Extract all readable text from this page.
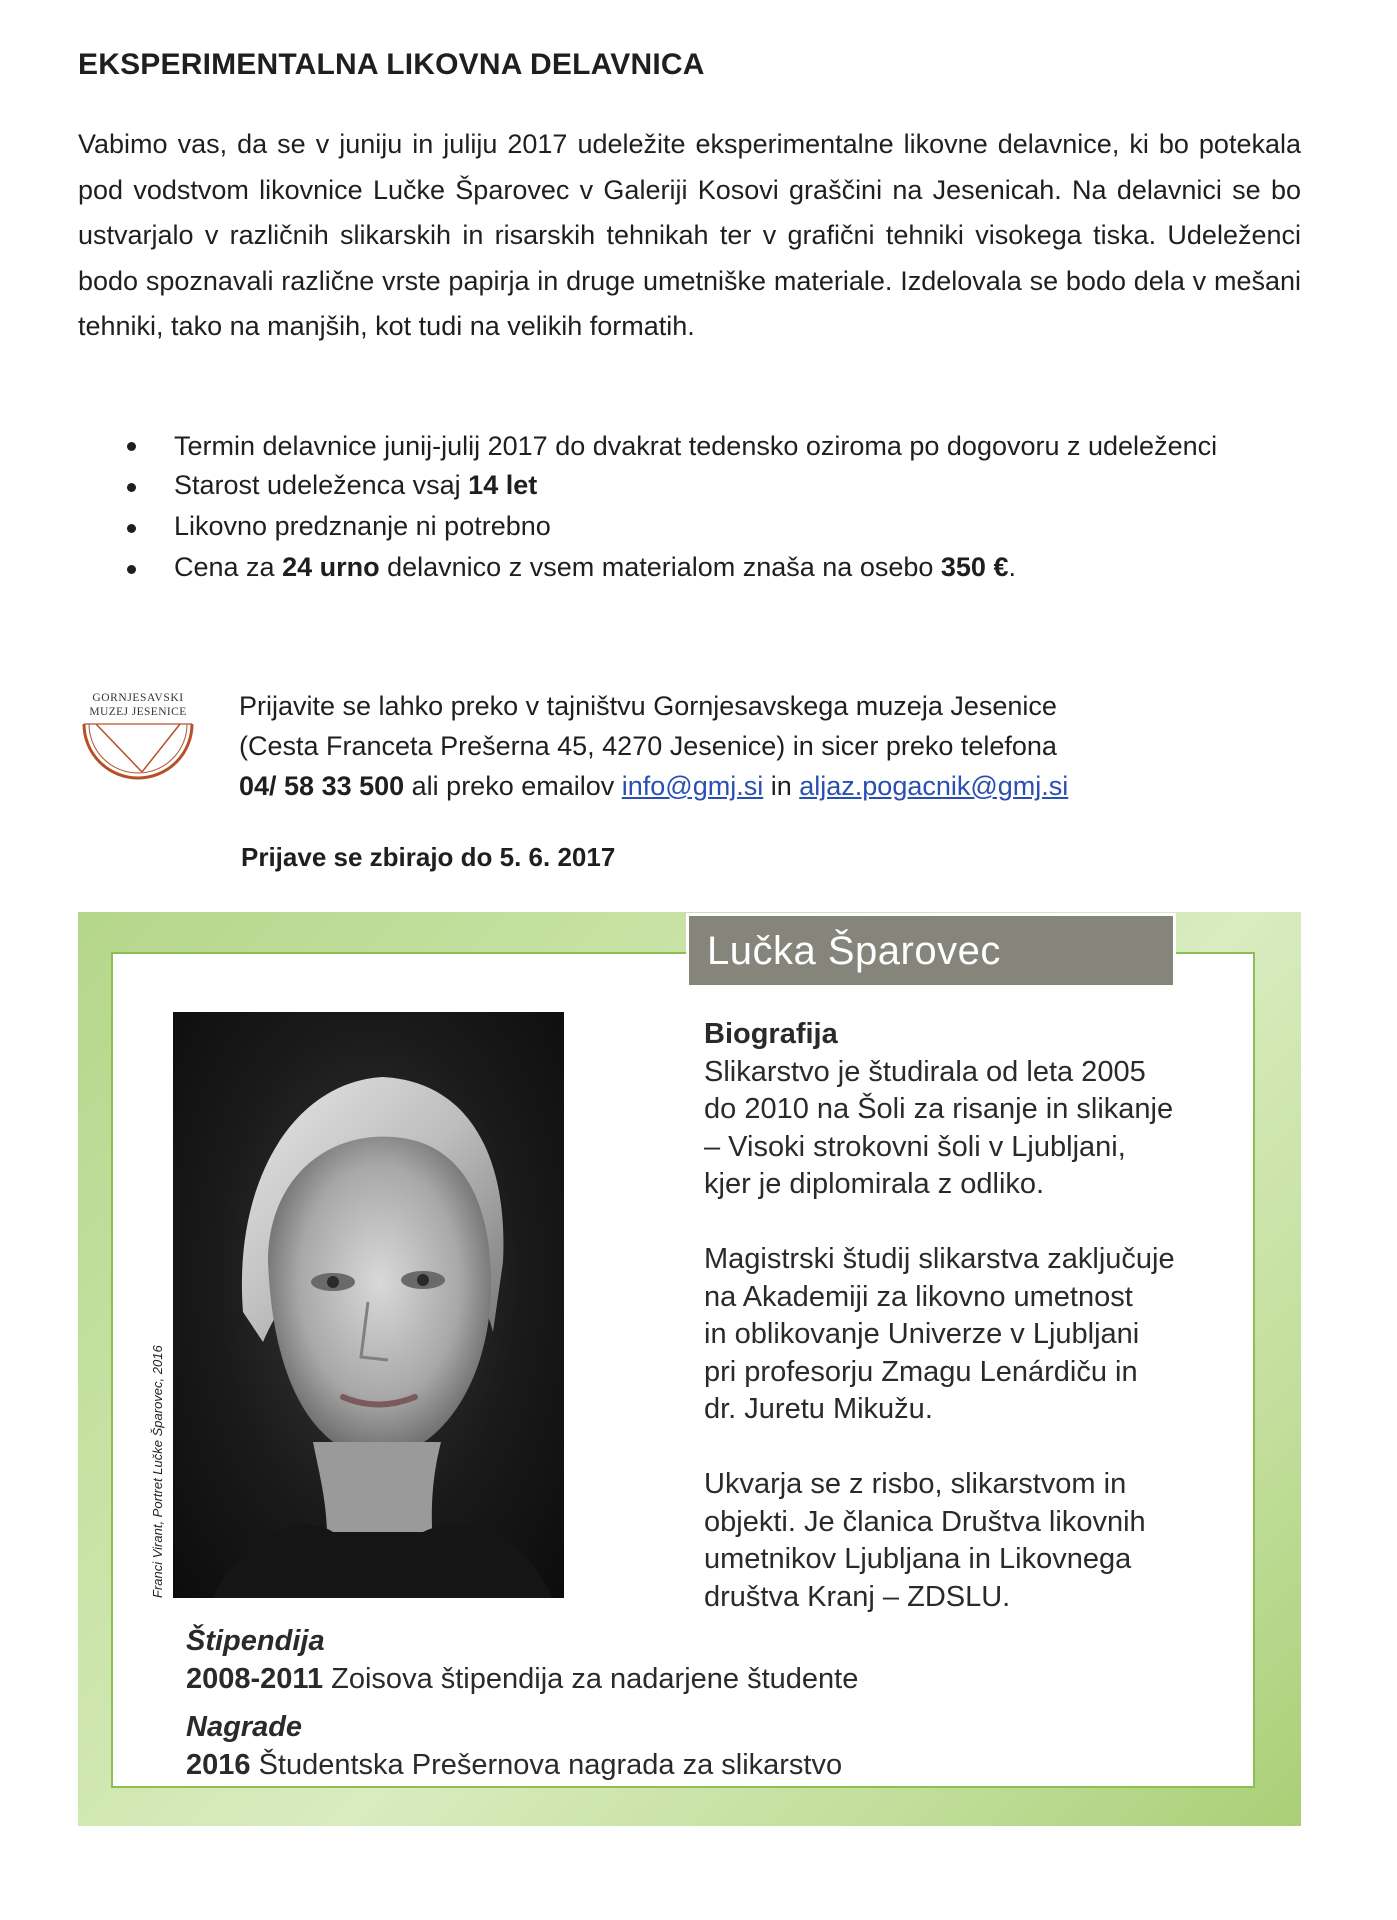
EKSPERIMENTALNA LIKOVNA DELAVNICA

Vabimo vas, da se v juniju in juliju 2017 udeležite eksperimentalne likovne delavnice, ki bo potekala pod vodstvom likovnice Lučke Šparovec v Galeriji Kosovi graščini na Jesenicah. Na delavnici se bo ustvarjalo v različnih slikarskih in risarskih tehnikah ter v grafični tehniki visokega tiska. Udeleženci bodo spoznavali različne vrste papirja in druge umetniške materiale. Izdelovala se bodo dela v mešani tehniki, tako na manjših, kot tudi na velikih formatih.

Termin delavnice junij-julij 2017 do dvakrat tedensko oziroma po dogovoru z udeleženci
Starost udeleženca vsaj 14 let
Likovno predznanje ni potrebno
Cena za 24 urno delavnico z vsem materialom znaša na osebo 350 €.
GORNJESAVSKI
MUZEJ JESENICE Prijavite se lahko preko v tajništvu Gornjesavskega muzeja Jesenice
(Cesta Franceta Prešerna 45, 4270 Jesenice) in sicer preko telefona
04/ 58 33 500 ali preko emailov info@gmj.si in aljaz.pogacnik@gmj.si
Prijave se zbirajo do 5. 6. 2017
Lučka Šparovec
Franci Virant, Portret Lučke Šparovec, 2016

Biografija

Slikarstvo je študirala od leta 2005

do 2010 na Šoli za risanje in slikanje

– Visoki strokovni šoli v Ljubljani,

kjer je diplomirala z odliko.

Magistrski študij slikarstva zaključuje

na Akademiji za likovno umetnost

in oblikovanje Univerze v Ljubljani

pri profesorju Zmagu Lenárdiču in

dr. Juretu Mikužu.

Ukvarja se z risbo, slikarstvom in

objekti. Je članica Društva likovnih

umetnikov Ljubljana in Likovnega

društva Kranj – ZDSLU.

Štipendija
2008-2011 Zoisova štipendija za nadarjene študente
Nagrade
2016 Študentska Prešernova nagrada za slikarstvo
